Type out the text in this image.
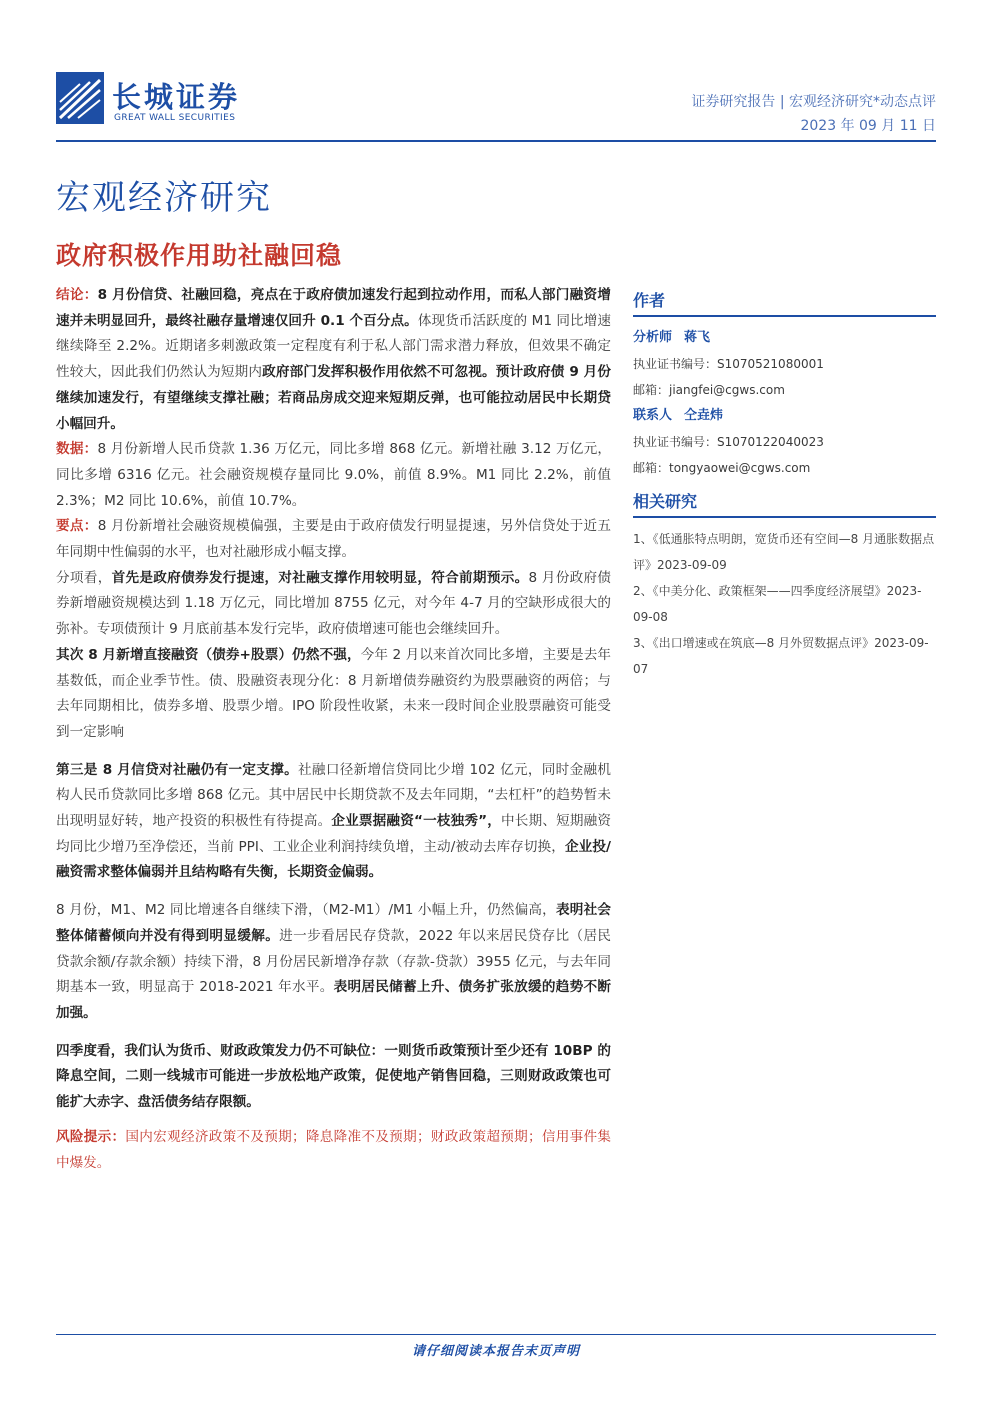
长城证券
GREAT WALL SECURITIES
证券研究报告 | 宏观经济研究*动态点评
2023 年 09 月 11 日
宏观经济研究
政府积极作用助社融回稳

结论：8 月份信贷、社融回稳，亮点在于政府债加速发行起到拉动作用，而私人部门融资增速并未明显回升，最终社融存量增速仅回升 0.1 个百分点。体现货币活跃度的 M1 同比增速继续降至 2.2%。近期诸多刺激政策一定程度有利于私人部门需求潜力释放，但效果不确定性较大，因此我们仍然认为短期内政府部门发挥积极作用依然不可忽视。预计政府债 9 月份继续加速发行，有望继续支撑社融；若商品房成交迎来短期反弹，也可能拉动居民中长期贷小幅回升。

数据：8 月份新增人民币贷款 1.36 万亿元，同比多增 868 亿元。新增社融 3.12 万亿元，同比多增 6316 亿元。社会融资规模存量同比 9.0%，前值 8.9%。M1 同比 2.2%，前值 2.3%；M2 同比 10.6%，前值 10.7%。

要点：8 月份新增社会融资规模偏强，主要是由于政府债发行明显提速，另外信贷处于近五年同期中性偏弱的水平，也对社融形成小幅支撑。

分项看，首先是政府债券发行提速，对社融支撑作用较明显，符合前期预示。8 月份政府债券新增融资规模达到 1.18 万亿元，同比增加 8755 亿元，对今年 4-7 月的空缺形成很大的弥补。专项债预计 9 月底前基本发行完毕，政府债增速可能也会继续回升。

其次 8 月新增直接融资（债券+股票）仍然不强，今年 2 月以来首次同比多增，主要是去年基数低，而企业季节性。债、股融资表现分化：8 月新增债券融资约为股票融资的两倍；与去年同期相比，债券多增、股票少增。IPO 阶段性收紧，未来一段时间企业股票融资可能受到一定影响

第三是 8 月信贷对社融仍有一定支撑。社融口径新增信贷同比少增 102 亿元，同时金融机构人民币贷款同比多增 868 亿元。其中居民中长期贷款不及去年同期，“去杠杆”的趋势暂未出现明显好转，地产投资的积极性有待提高。企业票据融资“一枝独秀”，中长期、短期融资均同比少增乃至净偿还，当前 PPI、工业企业利润持续负增，主动/被动去库存切换，企业投/融资需求整体偏弱并且结构略有失衡，长期资金偏弱。

8 月份，M1、M2 同比增速各自继续下滑，（M2-M1）/M1 小幅上升，仍然偏高，表明社会整体储蓄倾向并没有得到明显缓解。进一步看居民存贷款，2022 年以来居民贷存比（居民贷款余额/存款余额）持续下滑，8 月份居民新增净存款（存款-贷款）3955 亿元，与去年同期基本一致，明显高于 2018-2021 年水平。表明居民储蓄上升、债务扩张放缓的趋势不断加强。

四季度看，我们认为货币、财政政策发力仍不可缺位：一则货币政策预计至少还有 10BP 的降息空间，二则一线城市可能进一步放松地产政策，促使地产销售回稳，三则财政政策也可能扩大赤字、盘活债务结存限额。

风险提示：国内宏观经济政策不及预期；降息降准不及预期；财政政策超预期；信用事件集中爆发。

作者
分析师 蒋飞
执业证书编号：S1070521080001
邮箱：jiangfei@cgws.com
联系人 仝垚炜
执业证书编号：S1070122040023
邮箱：tongyaowei@cgws.com
相关研究
1、《低通胀特点明朗，宽货币还有空间—8 月通胀数据点评》2023-09-09
2、《中美分化、政策框架——四季度经济展望》2023-09-08
3、《出口增速或在筑底—8 月外贸数据点评》2023-09-07
请仔细阅读本报告末页声明
